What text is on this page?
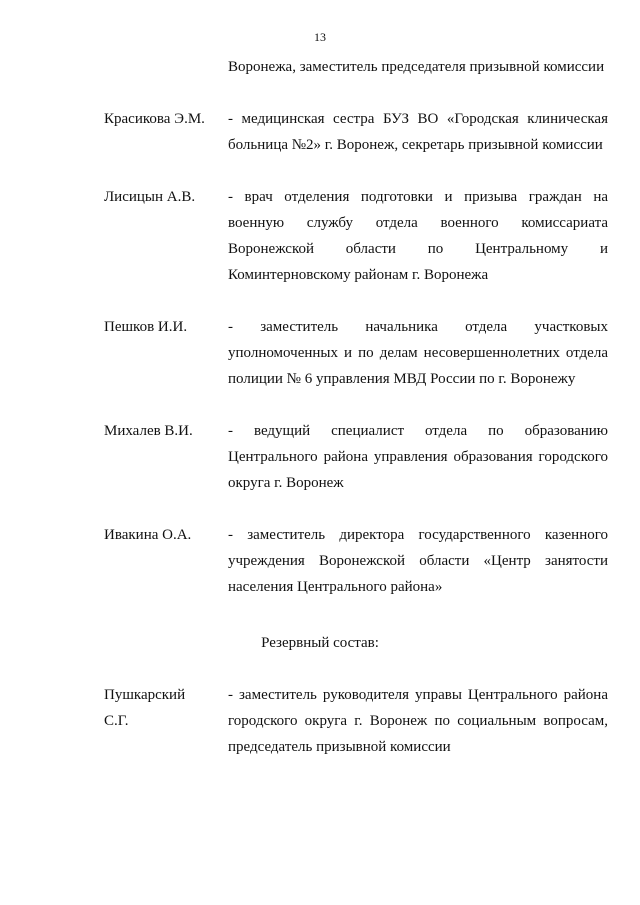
13
Воронежа, заместитель председателя призывной комиссии
Красикова Э.М. - медицинская сестра БУЗ ВО «Городская клиническая
больница №2» г. Воронеж, секретарь призывной комиссии
Лисицын А.В. - врач отделения подготовки и призыва граждан на
военную службу отдела военного комиссариата
Воронежской области по Центральному и
Коминтерновскому районам г. Воронежа
Пешков И.И.	- заместитель начальника отдела участковых
уполномоченных и по делам несовершеннолетних отдела
полиции № 6 управления МВД России по г. Воронежу
Михалев В.И. - ведущий специалист отдела по образованию
Центрального района управления образования городского
округа г. Воронеж
Ивакина О.А. - заместитель директора государственного казенного
учреждения Воронежской области «Центр занятости
населения Центрального района»
Резервный состав:
Пушкарский
С.Г.
- заместитель руководителя управы Центрального района
городского округа г. Воронеж по социальным вопросам,
председатель призывной комиссии
